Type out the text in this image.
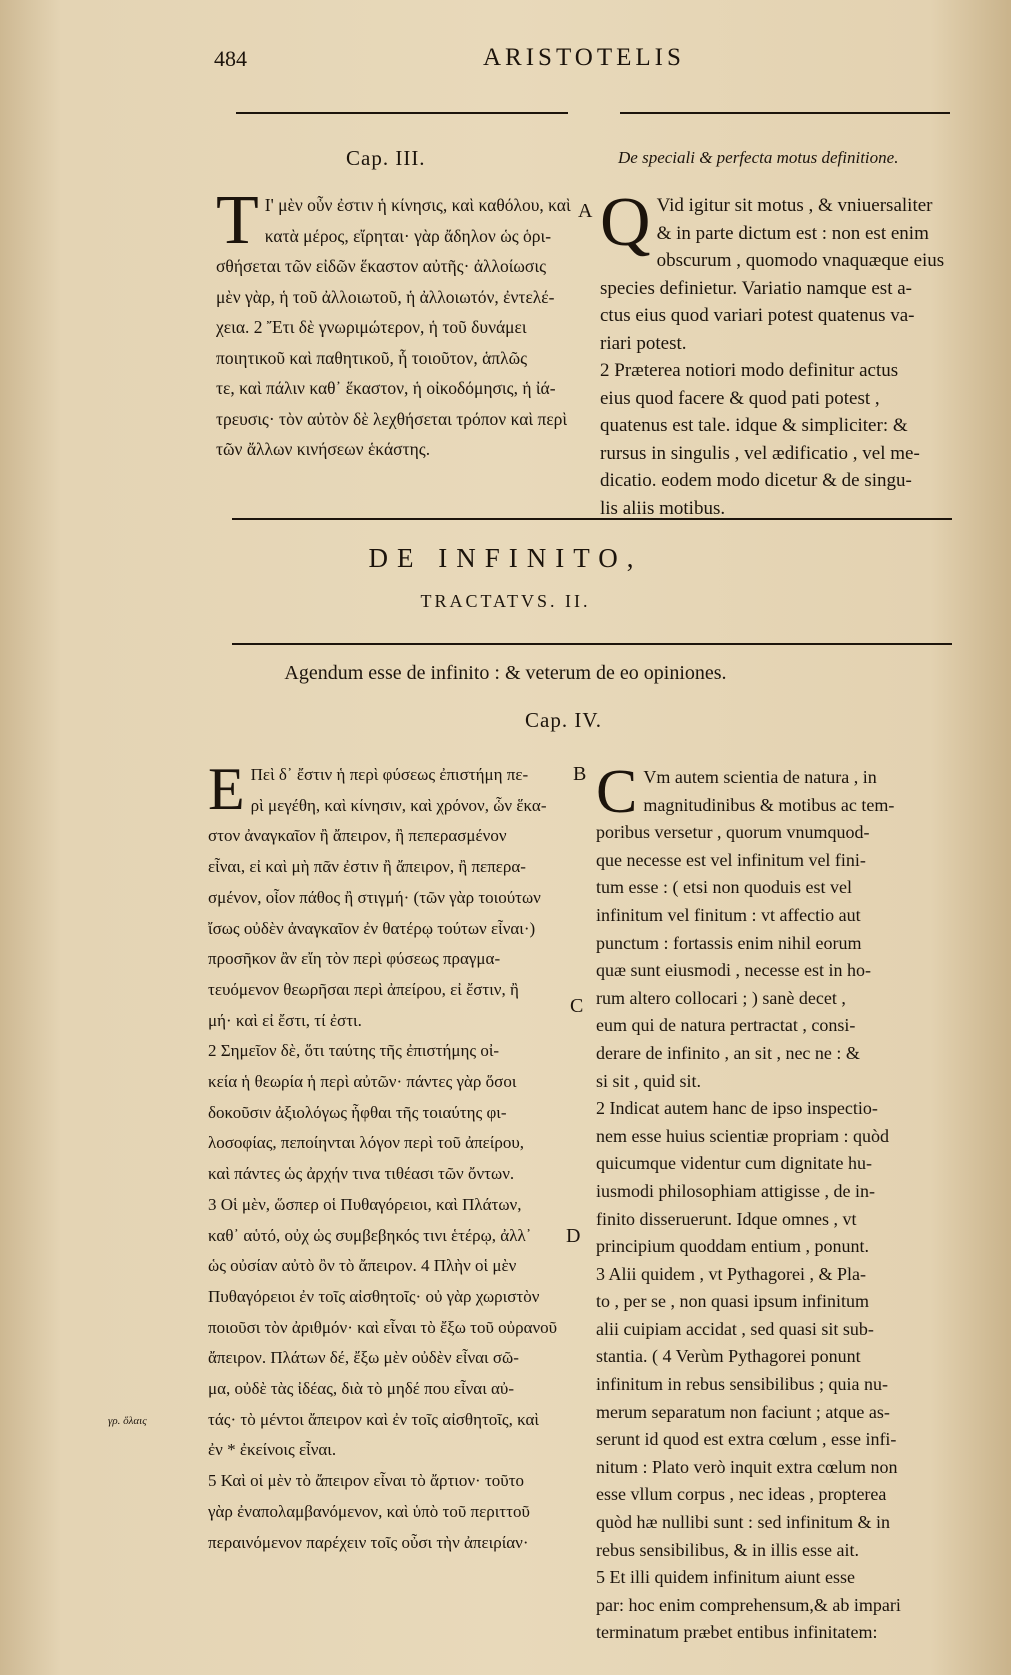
484	ARISTOTELIS
Cap. III.	De speciali & perfecta motus definitione.
T Ι' μὲν οὖν ἐστιν ἡ κίνησις, καὶ καθόλου, καὶ
κατὰ μέρος, εἴρηται· γὰρ ἄδηλον ὡς ὁρι-
σθήσεται τῶν εἰδῶν ἕκαστον αὐτῆς· ἀλλοίωσις
μὲν γὰρ, ἡ τοῦ ἀλλοιωτοῦ, ἡ ἀλλοιωτόν, ἐντελέ-
χεια. 2 Ἔτι δὲ γνωριμώτερον, ἡ τοῦ δυνάμει
ποιητικοῦ καὶ παθητικοῦ, ἧ τοιοῦτον, ἁπλῶς
τε, καὶ πάλιν καθ᾽ ἕκαστον, ἡ οἰκοδόμησις, ἡ ἰά-
τρευσις· τὸν αὐτὸν δὲ λεχθήσεται τρόπον καὶ περὶ
τῶν ἄλλων κινήσεων ἑκάστης.
A Q Vid igitur sit motus , & vniuersaliter
& in parte dictum est : non est enim
obscurum , quomodo vnaquæque eius
species definietur. Variatio namque est a-
ctus eius quod variari potest quatenus va-
riari potest.
2 Præterea notiori modo definitur actus
eius quod facere & quod pati potest ,
quatenus est tale. idque & simpliciter: &
rursus in singulis , vel ædificatio , vel me-
dicatio. eodem modo dicetur & de singu-
lis aliis motibus.
DE INFINITO,
TRACTATVS. II.
Agendum esse de infinito : & veterum de eo opiniones.
Cap. IV.
E Πεὶ δ᾽ ἔστιν ἡ περὶ φύσεως ἐπιστήμη πε-
ρὶ μεγέθη, καὶ κίνησιν, καὶ χρόνον, ὧν ἕκα-
στον ἀναγκαῖον ἢ ἄπειρον, ἢ πεπερασμένον
εἶναι, εἰ καὶ μὴ πᾶν ἐστιν ἢ ἄπειρον, ἢ πεπερα-
σμένον, οἷον πάθος ἢ στιγμή· (τῶν γὰρ τοιούτων
ἴσως οὐδὲν ἀναγκαῖον ἐν θατέρῳ τούτων εἶναι·)
προσῆκον ἂν εἴη τὸν περὶ φύσεως πραγμα-
τευόμενον θεωρῆσαι περὶ ἀπείρου, εἰ ἔστιν, ἢ
μή· καὶ εἰ ἔστι, τί ἐστι.
2 Σημεῖον δὲ, ὅτι ταύτης τῆς ἐπιστήμης οἰ-
κεία ἡ θεωρία ἡ περὶ αὐτῶν· πάντες γὰρ ὅσοι
δοκοῦσιν ἀξιολόγως ἧφθαι τῆς τοιαύτης φι-
λοσοφίας, πεποίηνται λόγον περὶ τοῦ ἀπείρου,
καὶ πάντες ὡς ἀρχήν τινα τιθέασι τῶν ὄντων.
3 Οἱ μὲν, ὥσπερ οἱ Πυθαγόρειοι, καὶ Πλάτων,
καθ᾽ αὑτό, οὐχ ὡς συμβεβηκός τινι ἑτέρῳ, ἀλλ᾽
ὡς οὐσίαν αὐτὸ ὂν τὸ ἄπειρον. 4 Πλὴν οἱ μὲν
Πυθαγόρειοι ἐν τοῖς αἰσθητοῖς· οὐ γὰρ χωριστὸν
ποιοῦσι τὸν ἀριθμόν· καὶ εἶναι τὸ ἔξω τοῦ οὐρανοῦ
ἄπειρον. Πλάτων δέ, ἔξω μὲν οὐδὲν εἶναι σῶ-
μα, οὐδὲ τὰς ἰδέας, διὰ τὸ μηδέ που εἶναι αὐ-
τάς· τὸ μέντοι ἄπειρον καὶ ἐν τοῖς αἰσθητοῖς, καὶ
ἐν * ἐκείνοις εἶναι.
5 Καὶ οἱ μὲν τὸ ἄπειρον εἶναι τὸ ἄρτιον· τοῦτο
γὰρ ἐναπολαμβανόμενον, καὶ ὑπὸ τοῦ περιττοῦ
περαινόμενον παρέχειν τοῖς οὖσι τὴν ἀπειρίαν·
γρ. ὅλαις
B
C
D
C Vm autem scientia de natura , in
magnitudinibus & motibus ac tem-
poribus versetur , quorum vnumquod-
que necesse est vel infinitum vel fini-
tum esse : ( etsi non quoduis est vel
infinitum vel finitum : vt affectio aut
punctum : fortassis enim nihil eorum
quæ sunt eiusmodi , necesse est in ho-
rum altero collocari ; ) sanè decet ,
eum qui de natura pertractat , consi-
derare de infinito , an sit , nec ne : &
si sit , quid sit.
2 Indicat autem hanc de ipso inspectio-
nem esse huius scientiæ propriam : quòd
quicumque videntur cum dignitate hu-
iusmodi philosophiam attigisse , de in-
finito disseruerunt. Idque omnes , vt
principium quoddam entium , ponunt.
3 Alii quidem , vt Pythagorei , & Pla-
to , per se , non quasi ipsum infinitum
alii cuipiam accidat , sed quasi sit sub-
stantia. ( 4 Verùm Pythagorei ponunt
infinitum in rebus sensibilibus ; quia nu-
merum separatum non faciunt ; atque as-
serunt id quod est extra cœlum , esse infi-
nitum : Plato verò inquit extra cœlum non
esse vllum corpus , nec ideas , propterea
quòd hæ nullibi sunt : sed infinitum & in
rebus sensibilibus, & in illis esse ait.
5 Et illi quidem infinitum aiunt esse
par: hoc enim comprehensum,& ab impari
terminatum præbet entibus infinitatem:
